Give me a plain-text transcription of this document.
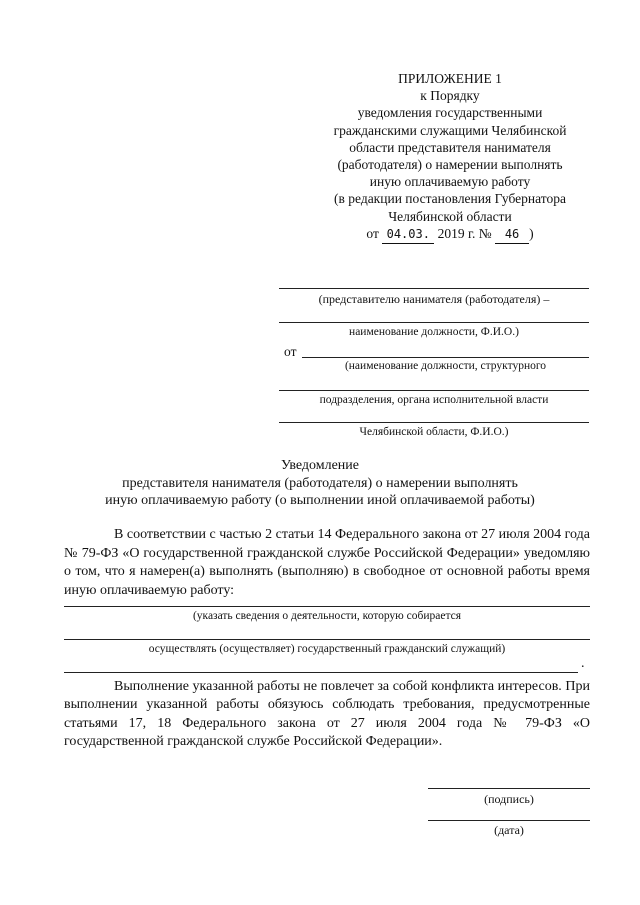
ПРИЛОЖЕНИЕ 1
к Порядку
уведомления государственными
гражданскими служащими Челябинской
области представителя нанимателя
(работодателя) о намерении выполнять
иную оплачиваемую работу
(в редакции постановления Губернатора
Челябинской области
от 04.03. 2019 г. № 46 )
(представителю нанимателя (работодателя) –
наименование должности, Ф.И.О.)
от
(наименование должности, структурного
подразделения, органа исполнительной власти
Челябинской области, Ф.И.О.)
Уведомление
представителя нанимателя (работодателя) о намерении выполнять
иную оплачиваемую работу (о выполнении иной оплачиваемой работы)
В соответствии с частью 2 статьи 14 Федерального закона от 27 июля 2004 года № 79-ФЗ «О государственной гражданской службе Российской Федерации» уведомляю о том, что я намерен(а) выполнять (выполняю) в свободное от основной работы время иную оплачиваемую работу:
(указать сведения о деятельности, которую собирается
осуществлять (осуществляет) государственный гражданский служащий)
.
Выполнение указанной работы не повлечет за собой конфликта интересов. При выполнении указанной работы обязуюсь соблюдать требования, предусмотренные статьями 17, 18 Федерального закона от 27 июля 2004 года № 79-ФЗ «О государственной гражданской службе Российской Федерации».
(подпись)
(дата)
